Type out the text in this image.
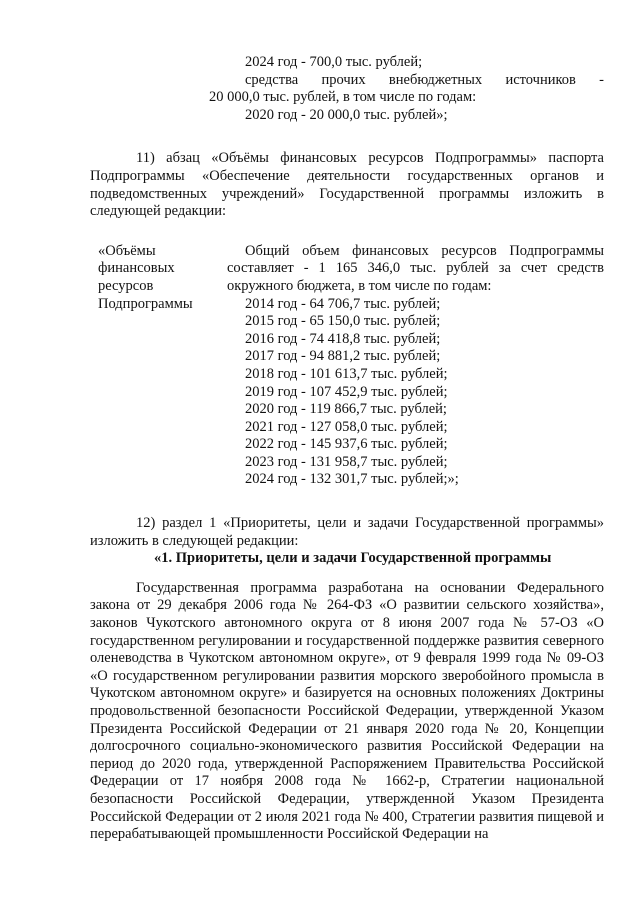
2024 год - 700,0 тыс. рублей;
средства прочих внебюджетных источников -
20 000,0 тыс. рублей, в том числе по годам:
2020 год - 20 000,0 тыс. рублей»;
11) абзац «Объёмы финансовых ресурсов Подпрограммы» паспорта Подпрограммы «Обеспечение деятельности государственных органов и подведомственных учреждений» Государственной программы изложить в следующей редакции:
«Объёмы
финансовых
ресурсов
Подпрограммы
Общий объем финансовых ресурсов Подпрограммы составляет - 1 165 346,0 тыс. рублей за счет средств окружного бюджета, в том числе по годам:
2014 год - 64 706,7 тыс. рублей;
2015 год - 65 150,0 тыс. рублей;
2016 год - 74 418,8 тыс. рублей;
2017 год - 94 881,2 тыс. рублей;
2018 год - 101 613,7 тыс. рублей;
2019 год - 107 452,9 тыс. рублей;
2020 год - 119 866,7 тыс. рублей;
2021 год - 127 058,0 тыс. рублей;
2022 год - 145 937,6 тыс. рублей;
2023 год - 131 958,7 тыс. рублей;
2024 год - 132 301,7 тыс. рублей;»;
12) раздел 1 «Приоритеты, цели и задачи Государственной программы» изложить в следующей редакции:
«1. Приоритеты, цели и задачи Государственной программы
Государственная программа разработана на основании Федерального закона от 29 декабря 2006 года № 264-ФЗ «О развитии сельского хозяйства», законов Чукотского автономного округа от 8 июня 2007 года № 57-ОЗ «О государственном регулировании и государственной поддержке развития северного оленеводства в Чукотском автономном округе», от 9 февраля 1999 года № 09-ОЗ «О государственном регулировании развития морского зверобойного промысла в Чукотском автономном округе» и базируется на основных положениях Доктрины продовольственной безопасности Российской Федерации, утвержденной Указом Президента Российской Федерации от 21 января 2020 года № 20, Концепции долгосрочного социально-экономического развития Российской Федерации на период до 2020 года, утвержденной Распоряжением Правительства Российской Федерации от 17 ноября 2008 года № 1662-р, Стратегии национальной безопасности Российской Федерации, утвержденной Указом Президента Российской Федерации от 2 июля 2021 года № 400, Стратегии развития пищевой и перерабатывающей промышленности Российской Федерации на
